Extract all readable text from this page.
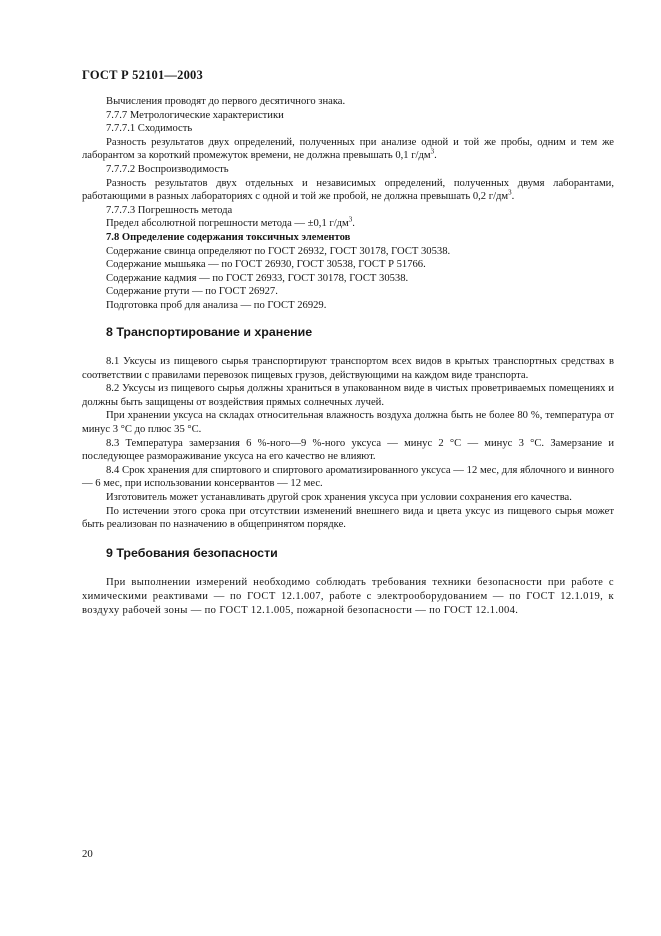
ГОСТ Р 52101—2003

Вычисления проводят до первого десятичного знака.

7.7.7 Метрологические характеристики

7.7.7.1 Сходимость

Разность результатов двух определений, полученных при анализе одной и той же пробы, одним и тем же лаборантом за короткий промежуток времени, не должна превышать 0,1 $г/дм^3$.

7.7.7.2 Воспроизводимость

Разность результатов двух отдельных и независимых определений, полученных двумя лаборантами, работающими в разных лабораториях с одной и той же пробой, не должна превышать 0,2 $г/дм^3$.

7.7.7.3 Погрешность метода

Предел абсолютной погрешности метода — ±0,1 $г/дм^3$.

7.8 Определение содержания токсичных элементов

Содержание свинца определяют по ГОСТ 26932, ГОСТ 30178, ГОСТ 30538.

Содержание мышьяка — по ГОСТ 26930, ГОСТ 30538, ГОСТ Р 51766.

Содержание кадмия — по ГОСТ 26933, ГОСТ 30178, ГОСТ 30538.

Содержание ртути — по ГОСТ 26927.

Подготовка проб для анализа — по ГОСТ 26929.

8 Транспортирование и хранение

8.1 Уксусы из пищевого сырья транспортируют транспортом всех видов в крытых транспортных средствах в соответствии с правилами перевозок пищевых грузов, действующими на каждом виде транспорта.

8.2 Уксусы из пищевого сырья должны храниться в упакованном виде в чистых проветриваемых помещениях и должны быть защищены от воздействия прямых солнечных лучей.

При хранении уксуса на складах относительная влажность воздуха должна быть не более 80 %, температура от минус 3 °С до плюс 35 °С.

8.3 Температура замерзания 6 %-ного—9 %-ного уксуса — минус 2 °С — минус 3 °С. Замерзание и последующее размораживание уксуса на его качество не влияют.

8.4 Срок хранения для спиртового и спиртового ароматизированного уксуса — 12 мес, для яблочного и винного — 6 мес, при использовании консервантов — 12 мес.

Изготовитель может устанавливать другой срок хранения уксуса при условии сохранения его качества.

По истечении этого срока при отсутствии изменений внешнего вида и цвета уксус из пищевого сырья может быть реализован по назначению в общепринятом порядке.

9 Требования безопасности

При выполнении измерений необходимо соблюдать требования техники безопасности при работе с химическими реактивами — по ГОСТ 12.1.007, работе с электрооборудованием — по ГОСТ 12.1.019, к воздуху рабочей зоны — по ГОСТ 12.1.005, пожарной безопасности — по ГОСТ 12.1.004.

20
